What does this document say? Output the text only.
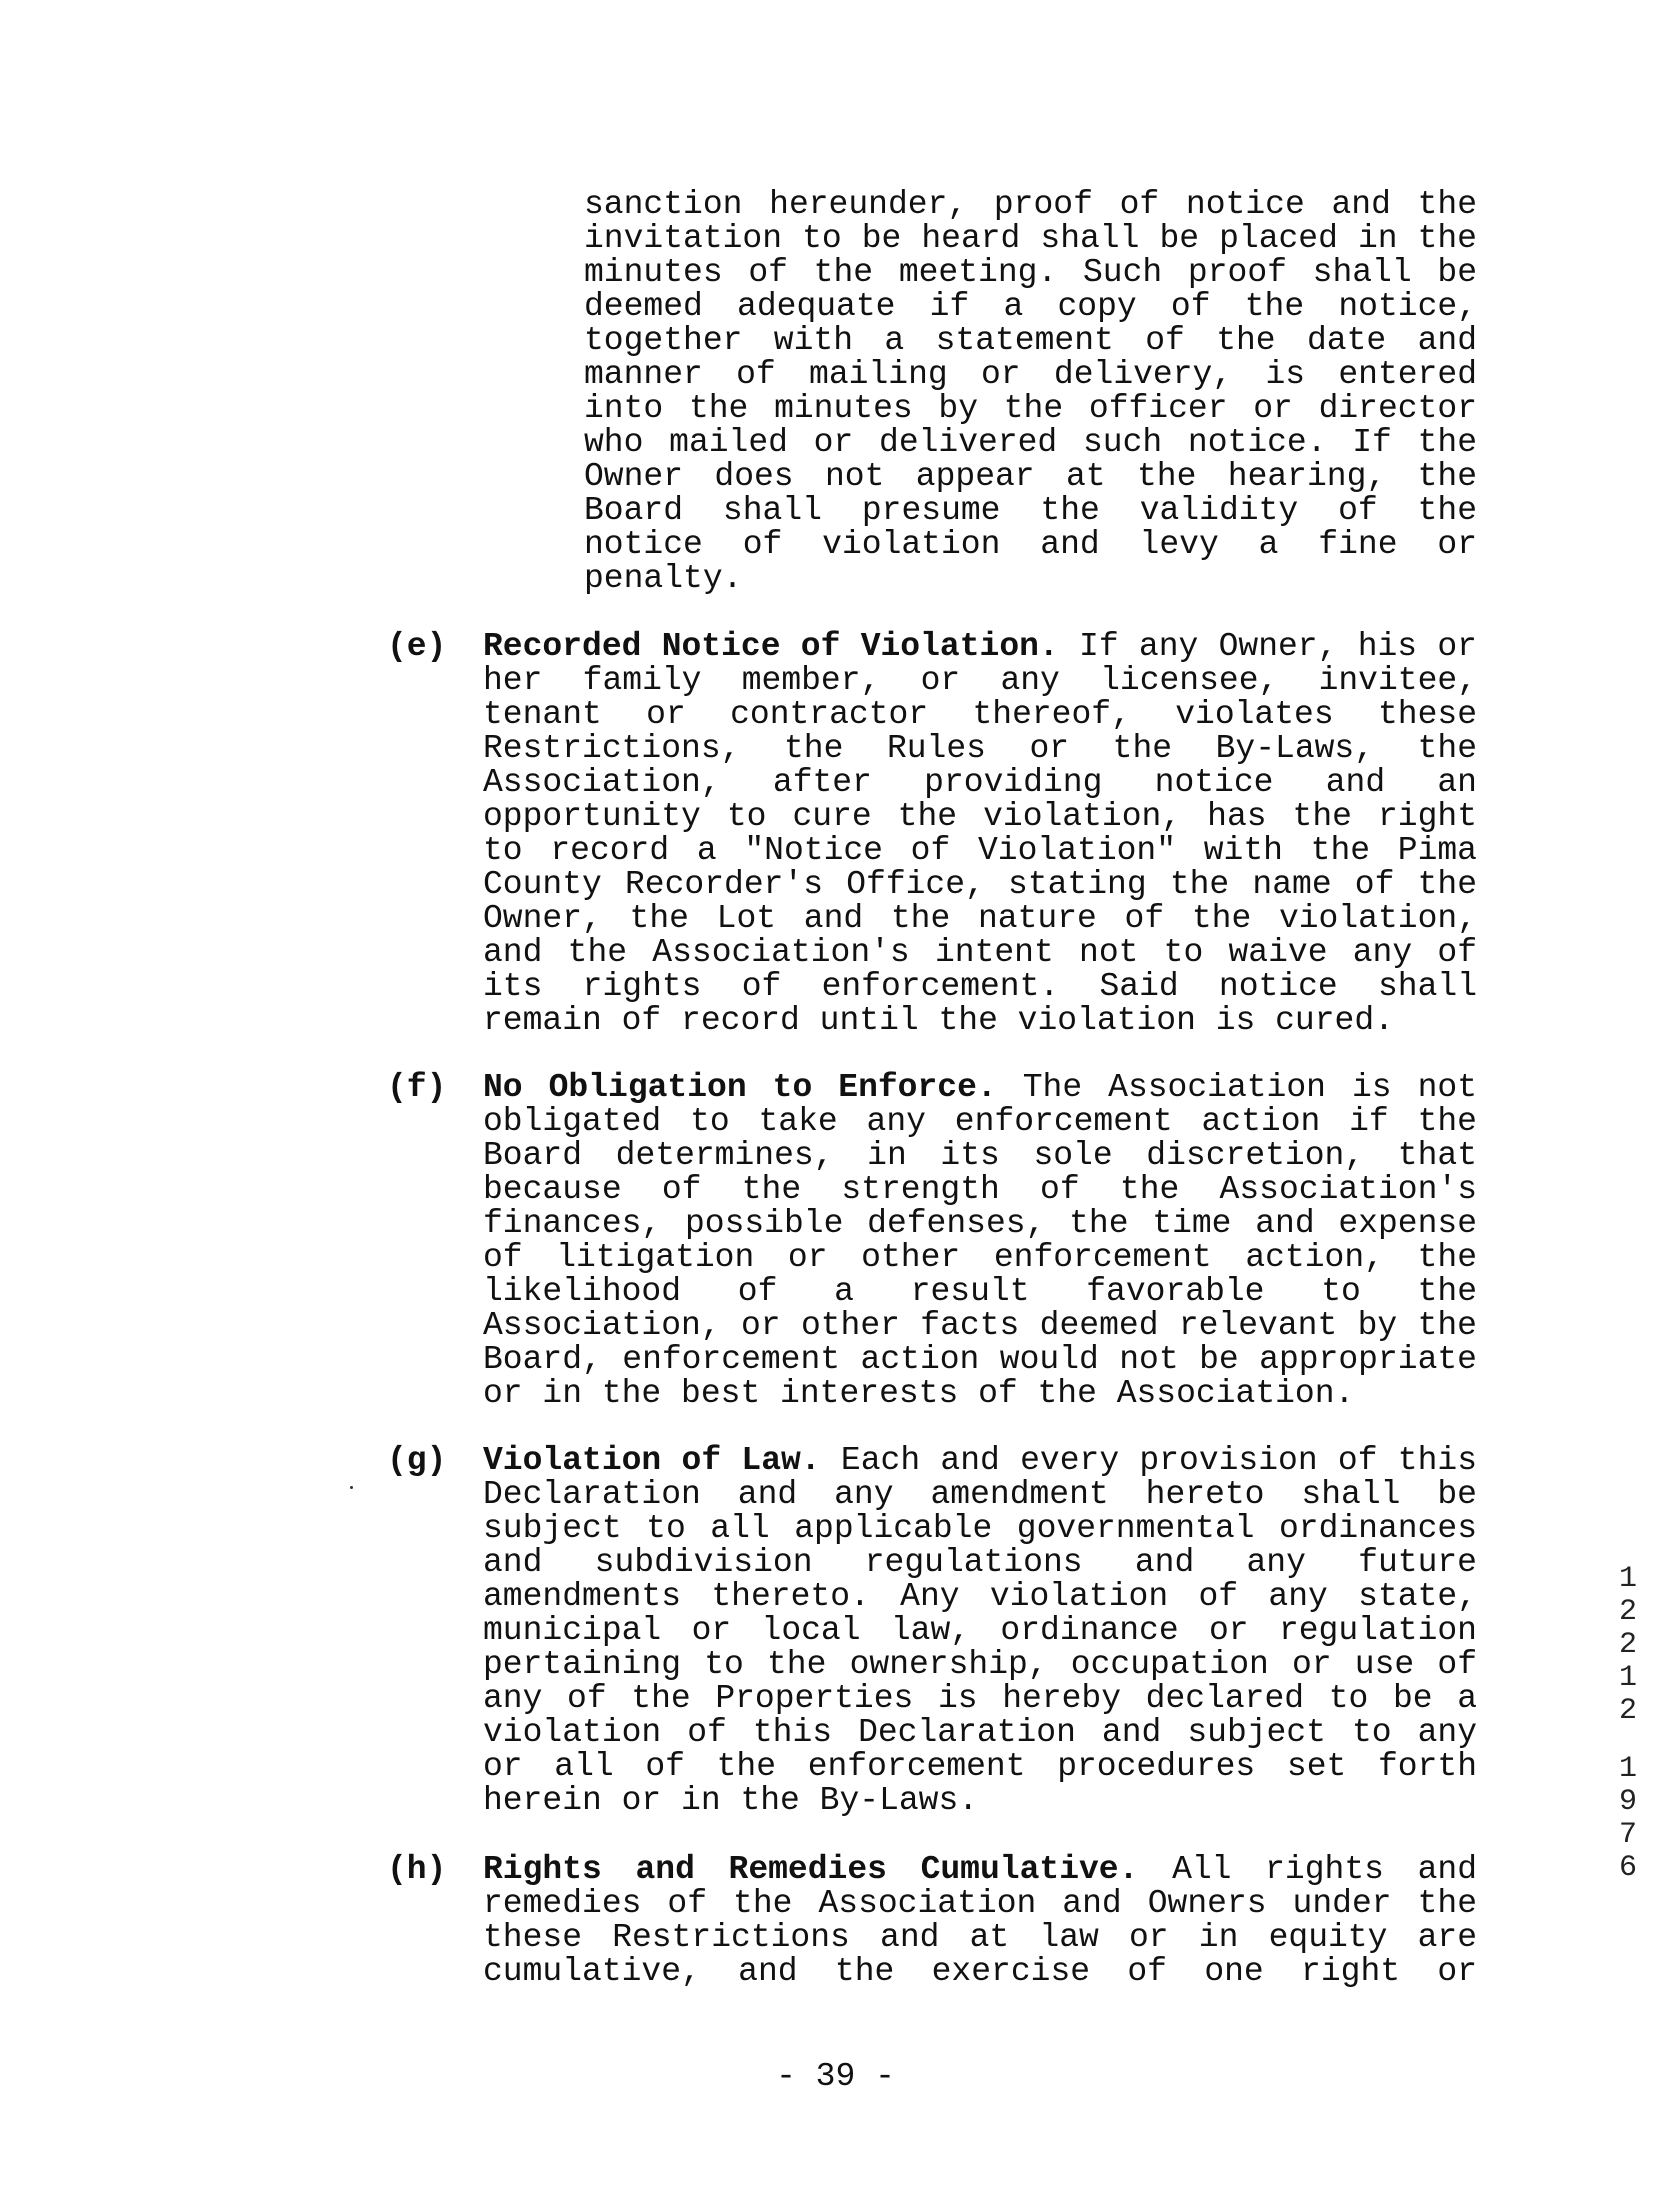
sanction hereunder, proof of notice and the
invitation to be heard shall be placed in the
minutes of the meeting. Such proof shall be
deemed adequate if a copy of the notice,
together with a statement of the date and
manner of mailing or delivery, is entered
into the minutes by the officer or director
who mailed or delivered such notice. If the
Owner does not appear at the hearing, the
Board shall presume the validity of the
notice of violation and levy a fine or
penalty.
(e)	Recorded Notice of Violation. If any Owner, his or
her family member, or any licensee, invitee,
tenant or contractor thereof, violates these
Restrictions, the Rules or the By-Laws, the
Association, after providing notice and an
opportunity to cure the violation, has the right
to record a "Notice of Violation" with the Pima
County Recorder's Office, stating the name of the
Owner, the Lot and the nature of the violation,
and the Association's intent not to waive any of
its rights of enforcement. Said notice shall
remain of record until the violation is cured.
(f)	No Obligation to Enforce. The Association is not
obligated to take any enforcement action if the
Board determines, in its sole discretion, that
because of the strength of the Association's
finances, possible defenses, the time and expense
of litigation or other enforcement action, the
likelihood of a result favorable to the
Association, or other facts deemed relevant by the
Board, enforcement action would not be appropriate
or in the best interests of the Association.
(g)	Violation of Law. Each and every provision of this
Declaration and any amendment hereto shall be
subject to all applicable governmental ordinances
and subdivision regulations and any future
amendments thereto. Any violation of any state,
municipal or local law, ordinance or regulation
pertaining to the ownership, occupation or use of
any of the Properties is hereby declared to be a
violation of this Declaration and subject to any
or all of the enforcement procedures set forth
herein or in the By-Laws.
(h)	Rights and Remedies Cumulative. All rights and
remedies of the Association and Owners under the
these Restrictions and at law or in equity are
cumulative, and the exercise of one right or
1
2
2
1
2
1
9
7
6
- 39 -
